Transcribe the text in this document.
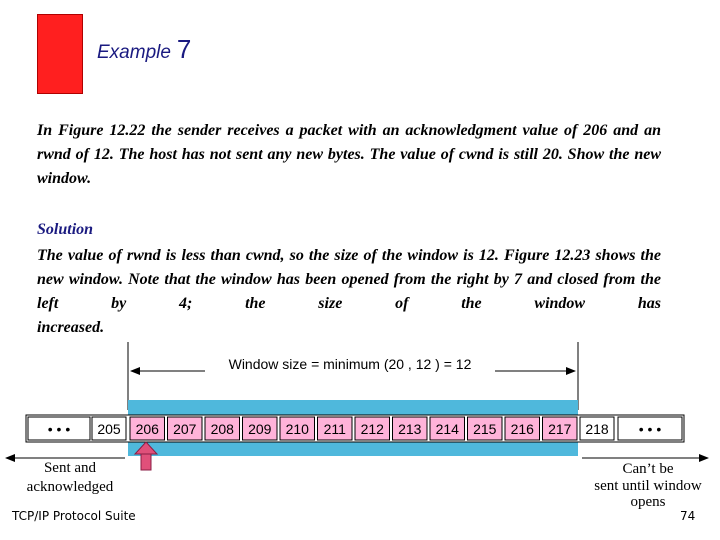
Example 7
In Figure 12.22 the sender receives a packet with an acknowledgment value of 206 and an rwnd of 12. The host has not sent any new bytes. The value of cwnd is still 20. Show the new window.
Solution
The value of rwnd is less than cwnd, so the size of the window is 12. Figure 12.23 shows the new window. Note that the window has been opened from the right by 7 and closed from the left by 4; the size of the window has
increased.
Window size = minimum (20 , 12 ) = 12
• • • 205 206 207 208 209 210 211 212 213 214 215 216 217 218 • • •
Sent and
acknowledged
Can’t be
sent until window
opens
TCP/IP Protocol Suite	74
